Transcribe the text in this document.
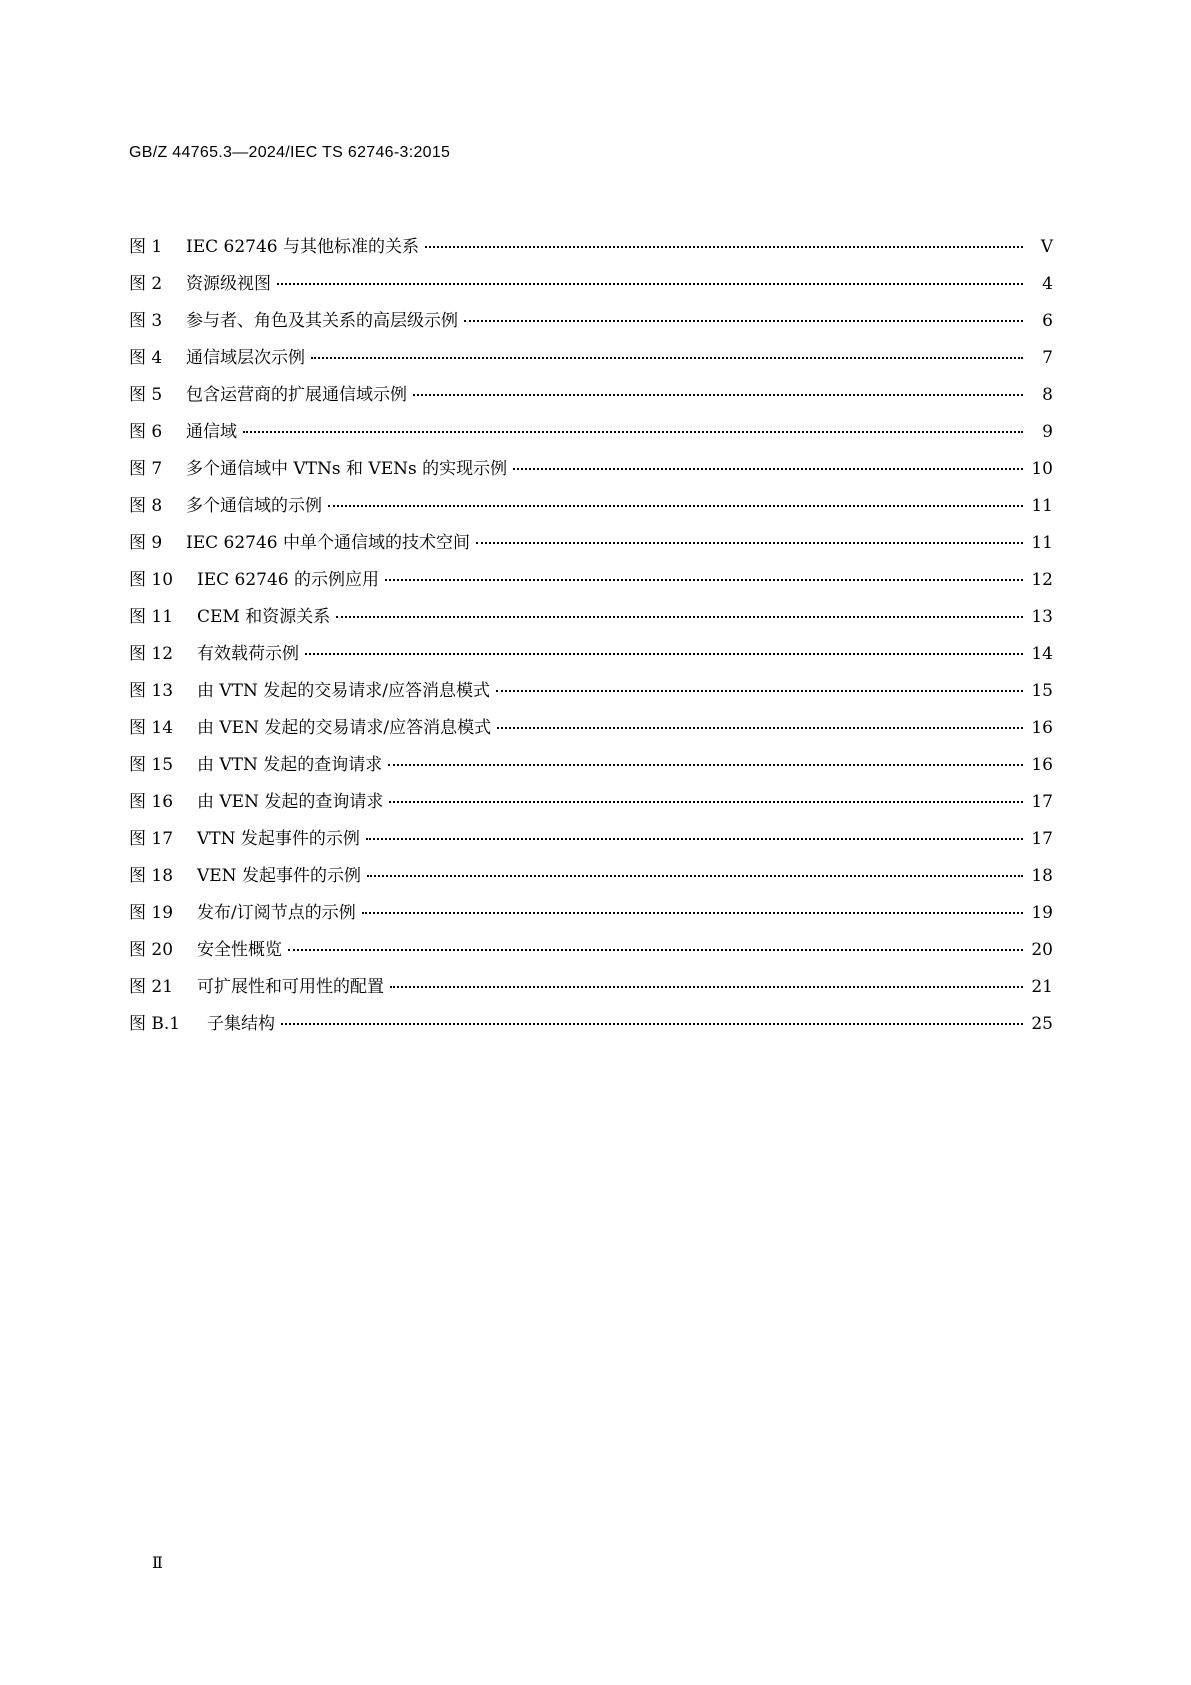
GB/Z 44765.3—2024/IEC TS 62746-3:2015
图 1	IEC 62746 与其他标准的关系	Ⅴ
图 2	资源级视图	4
图 3	参与者、角色及其关系的高层级示例	6
图 4	通信域层次示例	7
图 5	包含运营商的扩展通信域示例	8
图 6	通信域	9
图 7	多个通信域中 VTNs 和 VENs 的实现示例	10
图 8	多个通信域的示例	11
图 9	IEC 62746 中单个通信域的技术空间	11
图 10	IEC 62746 的示例应用	12
图 11	CEM 和资源关系	13
图 12	有效载荷示例	14
图 13	由 VTN 发起的交易请求/应答消息模式	15
图 14	由 VEN 发起的交易请求/应答消息模式	16
图 15	由 VTN 发起的查询请求	16
图 16	由 VEN 发起的查询请求	17
图 17	VTN 发起事件的示例	17
图 18	VEN 发起事件的示例	18
图 19	发布/订阅节点的示例	19
图 20	安全性概览	20
图 21	可扩展性和可用性的配置	21
图 B.1	子集结构	25
Ⅱ
